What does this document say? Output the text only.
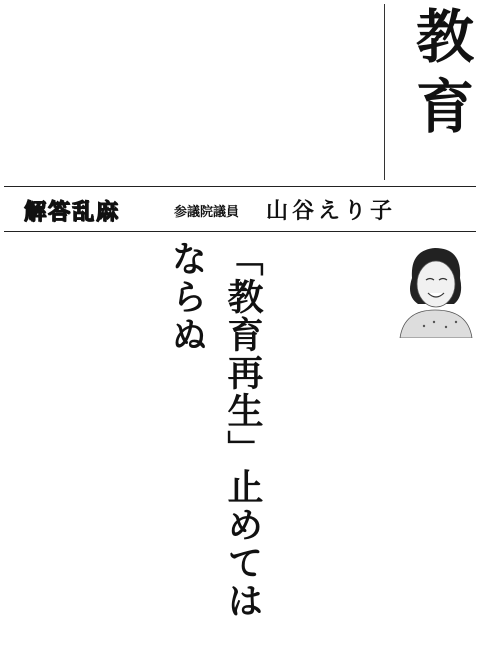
教育
解答乱麻	参議院議員 山谷えり子
「教育再生」止めてはならぬ
